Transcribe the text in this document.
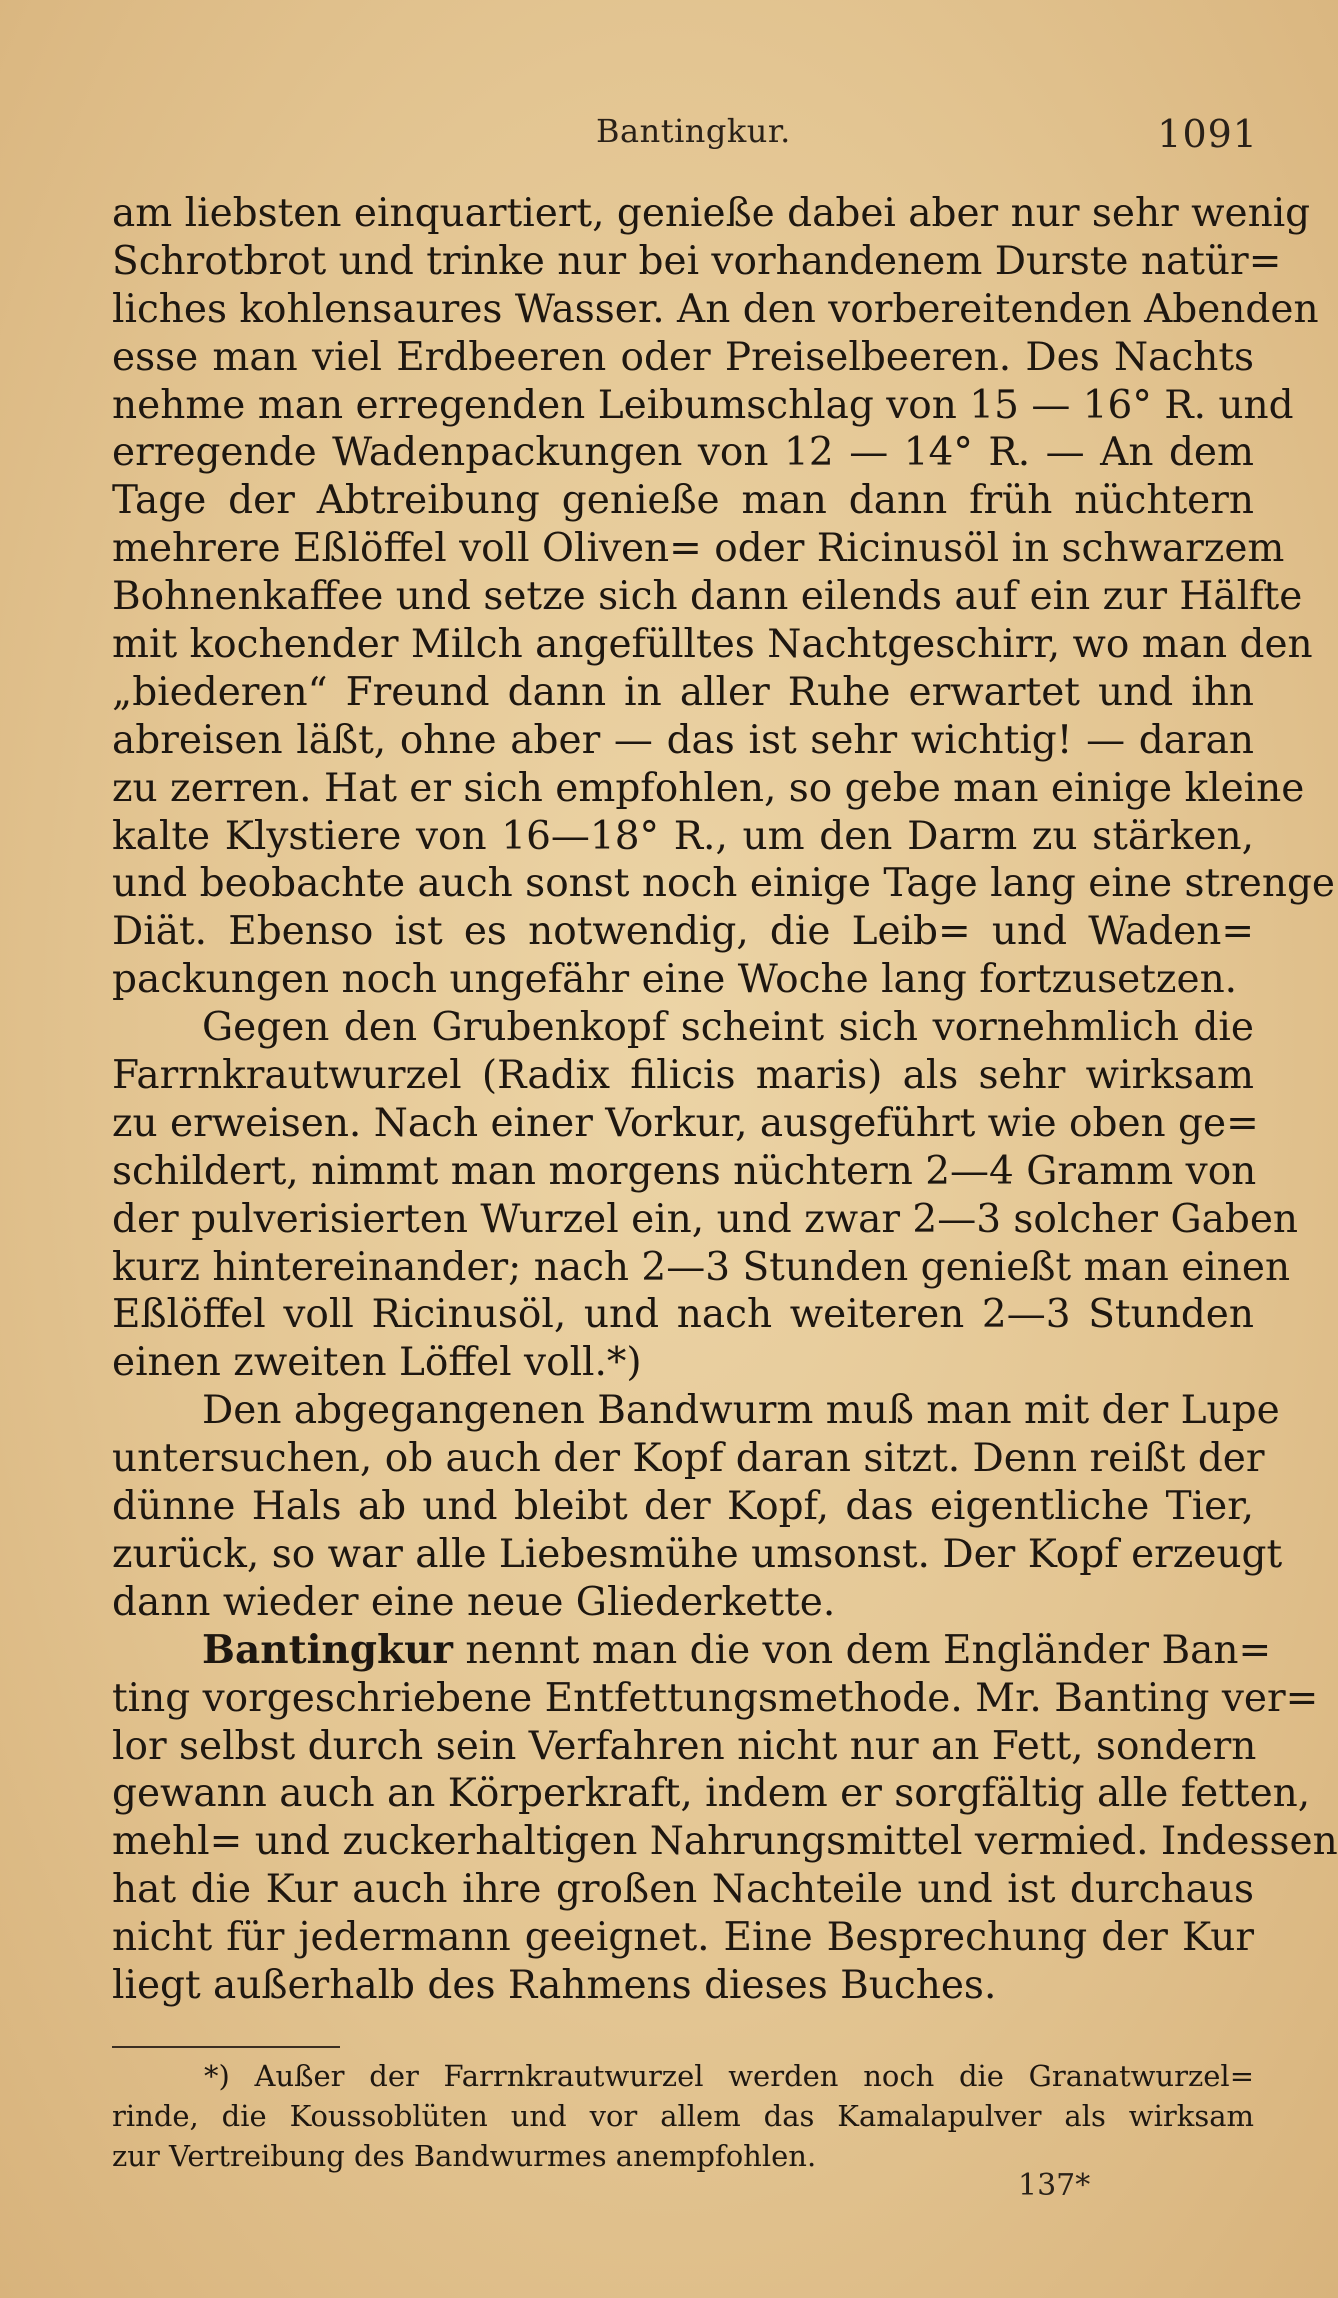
Bantingkur.	1091
am liebsten einquartiert, genieße dabei aber nur sehr wenig
Schrotbrot und trinke nur bei vorhandenem Durste natür=
liches kohlensaures Wasser. An den vorbereitenden Abenden
esse man viel Erdbeeren oder Preiselbeeren. Des Nachts
nehme man erregenden Leibumschlag von 15 — 16° R. und
erregende Wadenpackungen von 12 — 14° R. — An dem
Tage der Abtreibung genieße man dann früh nüchtern
mehrere Eßlöffel voll Oliven= oder Ricinusöl in schwarzem
Bohnenkaffee und setze sich dann eilends auf ein zur Hälfte
mit kochender Milch angefülltes Nachtgeschirr, wo man den
„biederen“ Freund dann in aller Ruhe erwartet und ihn
abreisen läßt, ohne aber — das ist sehr wichtig! — daran
zu zerren. Hat er sich empfohlen, so gebe man einige kleine
kalte Klystiere von 16—18° R., um den Darm zu stärken,
und beobachte auch sonst noch einige Tage lang eine strenge
Diät. Ebenso ist es notwendig, die Leib= und Waden=
packungen noch ungefähr eine Woche lang fortzusetzen.
Gegen den Grubenkopf scheint sich vornehmlich die
Farrnkrautwurzel (Radix filicis maris) als sehr wirksam
zu erweisen. Nach einer Vorkur, ausgeführt wie oben ge=
schildert, nimmt man morgens nüchtern 2—4 Gramm von
der pulverisierten Wurzel ein, und zwar 2—3 solcher Gaben
kurz hintereinander; nach 2—3 Stunden genießt man einen
Eßlöffel voll Ricinusöl, und nach weiteren 2—3 Stunden
einen zweiten Löffel voll.*)
Den abgegangenen Bandwurm muß man mit der Lupe
untersuchen, ob auch der Kopf daran sitzt. Denn reißt der
dünne Hals ab und bleibt der Kopf, das eigentliche Tier,
zurück, so war alle Liebesmühe umsonst. Der Kopf erzeugt
dann wieder eine neue Gliederkette.
Bantingkur nennt man die von dem Engländer Ban=
ting vorgeschriebene Entfettungsmethode. Mr. Banting ver=
lor selbst durch sein Verfahren nicht nur an Fett, sondern
gewann auch an Körperkraft, indem er sorgfältig alle fetten,
mehl= und zuckerhaltigen Nahrungsmittel vermied. Indessen
hat die Kur auch ihre großen Nachteile und ist durchaus
nicht für jedermann geeignet. Eine Besprechung der Kur
liegt außerhalb des Rahmens dieses Buches.
*) Außer der Farrnkrautwurzel werden noch die Granatwurzel=
rinde, die Koussoblüten und vor allem das Kamalapulver als wirksam
zur Vertreibung des Bandwurmes anempfohlen.
137*
